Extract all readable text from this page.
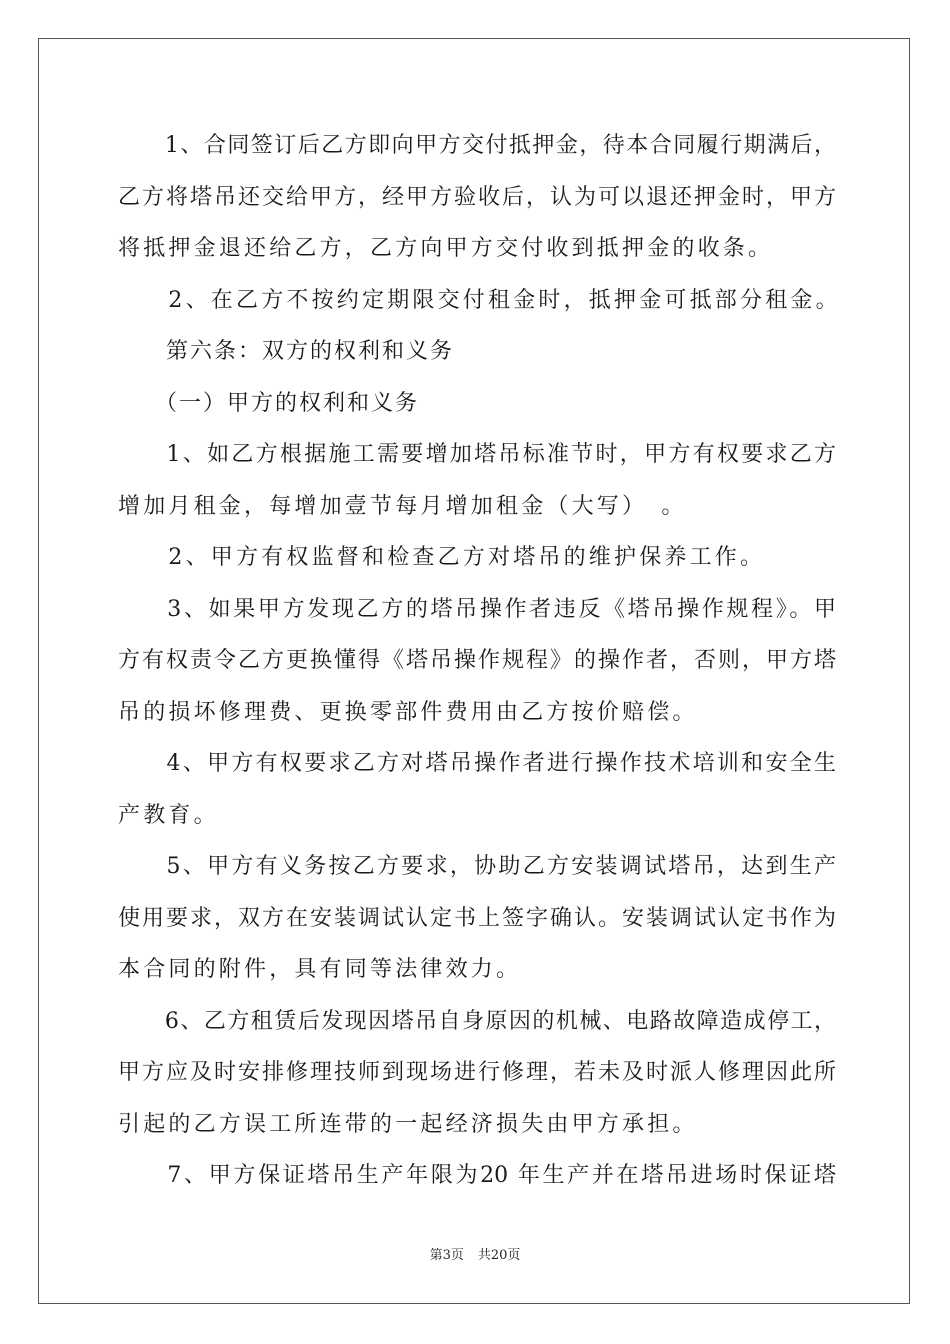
　　1、合同签订后乙方即向甲方交付抵押金，待本合同履行期满后，
乙方将塔吊还交给甲方，经甲方验收后，认为可以退还押金时，甲方
将抵押金退还给乙方，乙方向甲方交付收到抵押金的收条。
　　2、在乙方不按约定期限交付租金时，抵押金可抵部分租金。
　　第六条：双方的权利和义务
　　（一）甲方的权利和义务
　　1、如乙方根据施工需要增加塔吊标准节时，甲方有权要求乙方
增加月租金，每增加壹节每月增加租金（大写）　。
　　2、甲方有权监督和检查乙方对塔吊的维护保养工作。
　　3、如果甲方发现乙方的塔吊操作者违反《塔吊操作规程》。甲
方有权责令乙方更换懂得《塔吊操作规程》的操作者，否则，甲方塔
吊的损坏修理费、更换零部件费用由乙方按价赔偿。
　　4、甲方有权要求乙方对塔吊操作者进行操作技术培训和安全生
产教育。
　　5、甲方有义务按乙方要求，协助乙方安装调试塔吊，达到生产
使用要求，双方在安装调试认定书上签字确认。安装调试认定书作为
本合同的附件，具有同等法律效力。
　　6、乙方租赁后发现因塔吊自身原因的机械、电路故障造成停工，
甲方应及时安排修理技师到现场进行修理，若未及时派人修理因此所
引起的乙方误工所连带的一起经济损失由甲方承担。
　　7、甲方保证塔吊生产年限为20 年生产并在塔吊进场时保证塔
第3页 共20页
